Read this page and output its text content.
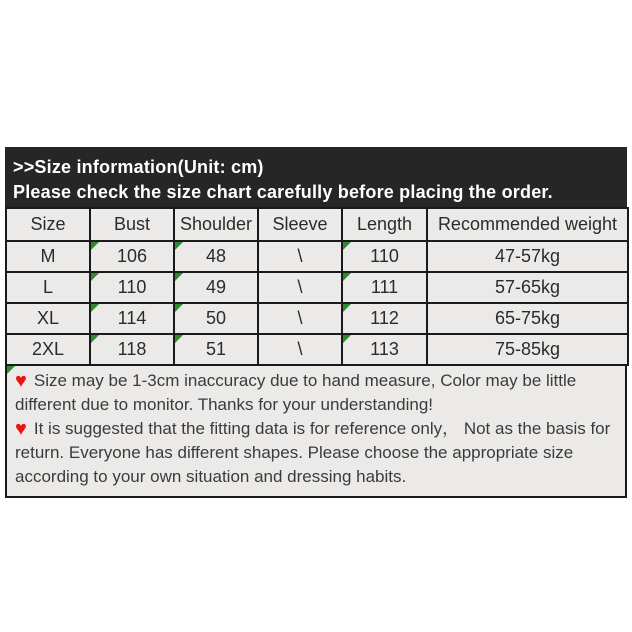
>>Size information(Unit: cm)
Please check the size chart carefully before placing the order.
Size	Bust	Shoulder	Sleeve	Length	Recommended weight
M	106	48	\	110	47-57kg
L	110	49	\	111	57-65kg
XL	114	50	\	112	65-75kg
2XL	118	51	\	113	75-85kg

♥ Size may be 1-3cm inaccuracy due to hand measure, Color may be little different due to monitor. Thanks for your understanding!

♥ It is suggested that the fitting data is for reference only， Not as the basis for return. Everyone has different shapes. Please choose the appropriate size according to your own situation and dressing habits.
